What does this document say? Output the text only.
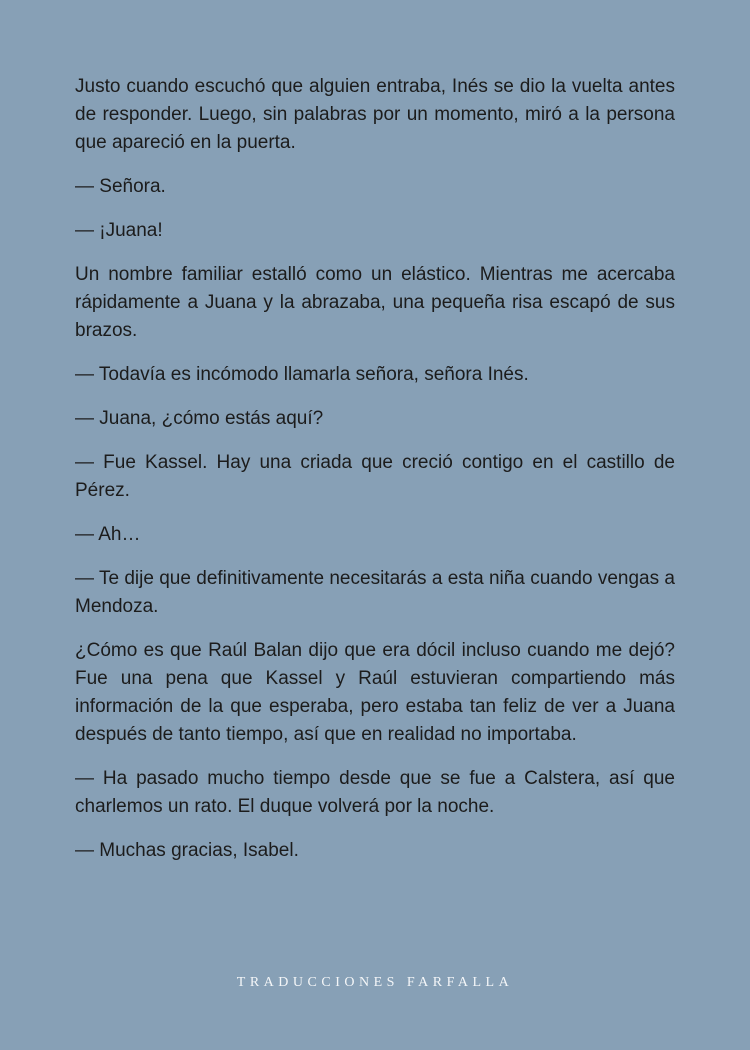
Justo cuando escuchó que alguien entraba, Inés se dio la vuelta antes de responder. Luego, sin palabras por un momento, miró a la persona que apareció en la puerta.

— Señora.

— ¡Juana!

Un nombre familiar estalló como un elástico. Mientras me acercaba rápidamente a Juana y la abrazaba, una pequeña risa escapó de sus brazos.

— Todavía es incómodo llamarla señora, señora Inés.

— Juana, ¿cómo estás aquí?

— Fue Kassel. Hay una criada que creció contigo en el castillo de Pérez.

— Ah…

— Te dije que definitivamente necesitarás a esta niña cuando vengas a Mendoza.

¿Cómo es que Raúl Balan dijo que era dócil incluso cuando me dejó? Fue una pena que Kassel y Raúl estuvieran compartiendo más información de la que esperaba, pero estaba tan feliz de ver a Juana después de tanto tiempo, así que en realidad no importaba.

— Ha pasado mucho tiempo desde que se fue a Calstera, así que charlemos un rato. El duque volverá por la noche.

— Muchas gracias, Isabel.

TRADUCCIONES FARFALLA
